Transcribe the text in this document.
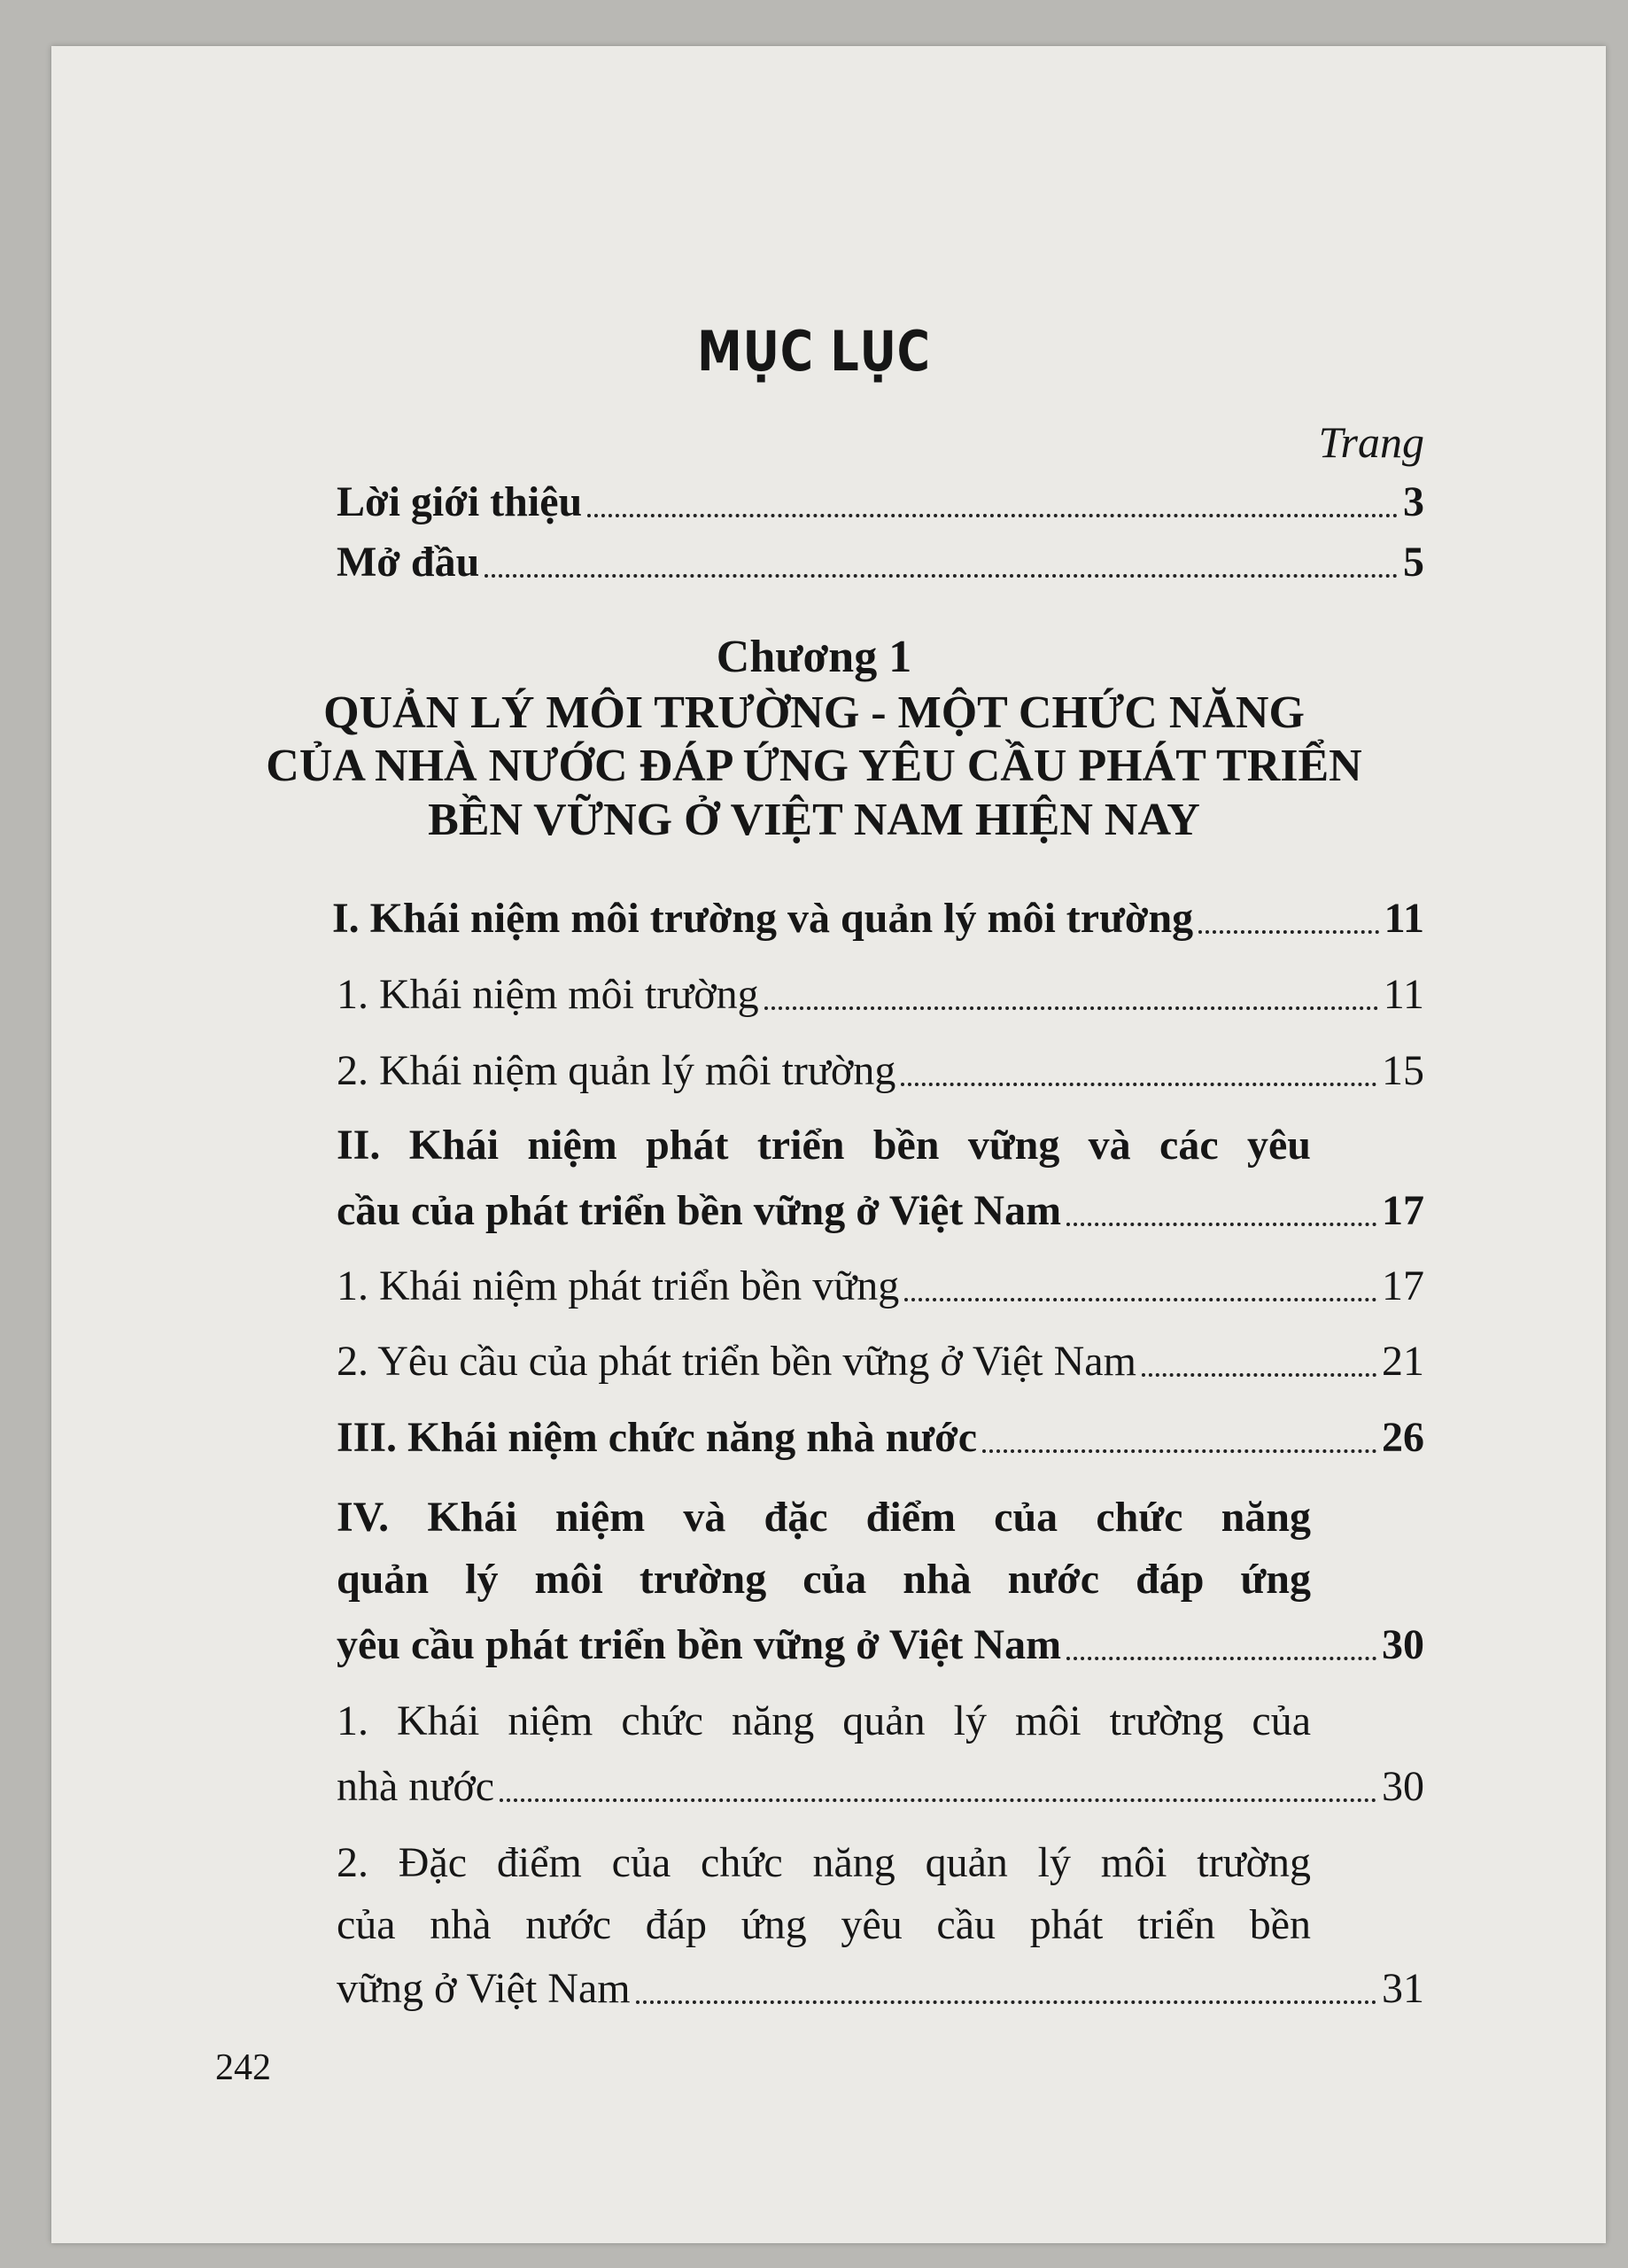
MỤC LỤC
Trang
Lời giới thiệu	3
Mở đầu	5
Chương 1
QUẢN LÝ MÔI TRƯỜNG - MỘT CHỨC NĂNG
CỦA NHÀ NƯỚC ĐÁP ỨNG YÊU CẦU PHÁT TRIỂN
BỀN VỮNG Ở VIỆT NAM HIỆN NAY
I. Khái niệm môi trường và quản lý môi trường	11
1. Khái niệm môi trường	11
2. Khái niệm quản lý môi trường	15
II. Khái niệm phát triển bền vững và các yêu
cầu của phát triển bền vững ở Việt Nam	17
1. Khái niệm phát triển bền vững	17
2. Yêu cầu của phát triển bền vững ở Việt Nam	21
III. Khái niệm chức năng nhà nước	26
IV. Khái niệm và đặc điểm của chức năng
quản lý môi trường của nhà nước đáp ứng
yêu cầu phát triển bền vững ở Việt Nam	30
1. Khái niệm chức năng quản lý môi trường của
nhà nước	30
2. Đặc điểm của chức năng quản lý môi trường
của nhà nước đáp ứng yêu cầu phát triển bền
vững ở Việt Nam	31
242
